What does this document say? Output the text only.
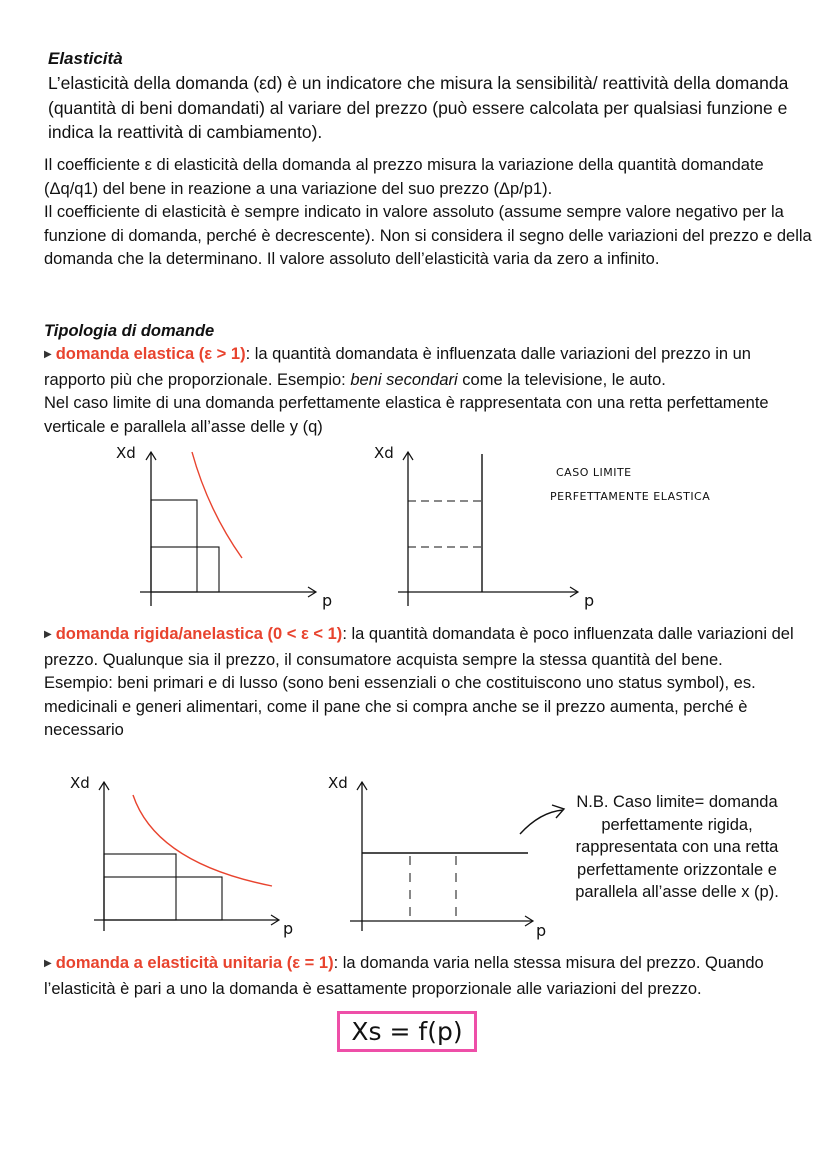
Elasticità
L’elasticità della domanda (εd) è un indicatore che misura la sensibilità/ reattività della domanda (quantità di beni domandati) al variare del prezzo (può essere calcolata per qualsiasi funzione e indica la reattività di cambiamento).
Il coefficiente ε di elasticità della domanda al prezzo misura la variazione della quantità domandate (Δq/q1) del bene in reazione a una variazione del suo prezzo (Δp/p1).
Il coefficiente di elasticità è sempre indicato in valore assoluto (assume sempre valore negativo per la funzione di domanda, perché è decrescente). Non si considera il segno delle variazioni del prezzo e della domanda che la determinano. Il valore assoluto dell’elasticità varia da zero a infinito.
Tipologia di domande
▶ domanda elastica (ε > 1): la quantità domandata è influenzata dalle variazioni del prezzo in un rapporto più che proporzionale. Esempio: beni secondari come la televisione, le auto.
Nel caso limite di una domanda perfettamente elastica è rappresentata con una retta perfettamente verticale e parallela all’asse delle y (q)
Xd
p
Xd
p
CASO LIMITE
PERFETTAMENTE ELASTICA
▶ domanda rigida/anelastica (0 < ε < 1): la quantità domandata è poco influenzata dalle variazioni del prezzo. Qualunque sia il prezzo, il consumatore acquista sempre la stessa quantità del bene.
Esempio: beni primari e di lusso (sono beni essenziali o che costituiscono uno status symbol), es. medicinali e generi alimentari, come il pane che si compra anche se il prezzo aumenta, perché è necessario
Xd
p
Xd
p
N.B. Caso limite= domanda perfettamente rigida, rappresentata con una retta perfettamente orizzontale e parallela all’asse delle x (p).
▶ domanda a elasticità unitaria (ε = 1): la domanda varia nella stessa misura del prezzo. Quando l’elasticità è pari a uno la domanda è esattamente proporzionale alle variazioni del prezzo.
Xs = f(p)
